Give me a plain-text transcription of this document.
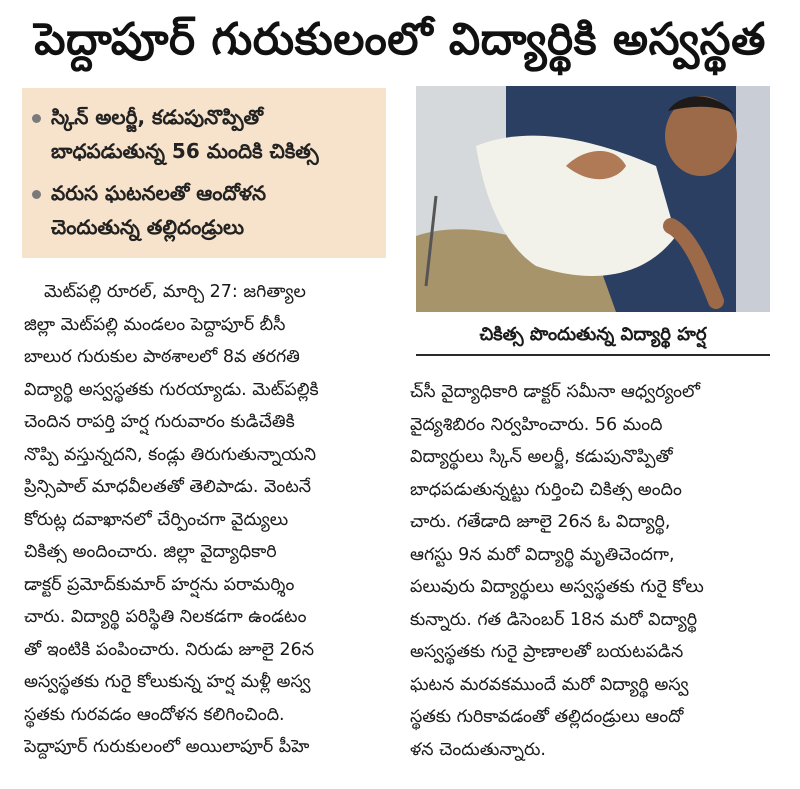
పెద్దాపూర్ గురుకులంలో విద్యార్థికి అస్వస్థత
స్కిన్ అలర్జీ, కడుపునొప్పితో
బాధపడుతున్న 56 మందికి చికిత్స
వరుస ఘటనలతో ఆందోళన
చెందుతున్న తల్లిదండ్రులు
చికిత్స పొందుతున్న విద్యార్థి హర్ష
మెట్‌పల్లి రూరల్, మార్చి 27: జగిత్యాల
జిల్లా మెట్‌పల్లి మండలం పెద్దాపూర్ బీసీ
బాలుర గురుకుల పాఠశాలలో 8వ తరగతి
విద్యార్థి అస్వస్థతకు గురయ్యాడు. మెట్‌పల్లికి
చెందిన రాపర్తి హర్ష గురువారం కుడిచేతికి
నొప్పి వస్తున్నదని, కండ్లు తిరుగుతున్నాయని
ప్రిన్సిపాల్ మాధవీలతతో తెలిపాడు. వెంటనే
కోరుట్ల దవాఖానలో చేర్పించగా వైద్యులు
చికిత్స అందించారు. జిల్లా వైద్యాధికారి
డాక్టర్ ప్రమోద్‌కుమార్ హర్షను పరామర్శిం
చారు. విద్యార్థి పరిస్థితి నిలకడగా ఉండటం
తో ఇంటికి పంపించారు. నిరుడు జూలై 26న
అస్వస్థతకు గురై కోలుకున్న హర్ష మళ్లీ అస్వ
స్థతకు గురవడం ఆందోళన కలిగించింది.
పెద్దాపూర్ గురుకులంలో అయిలాపూర్ పీహె
చ్‌సీ వైద్యాధికారి డాక్టర్ సమీనా ఆధ్వర్యంలో
వైద్యశిబిరం నిర్వహించారు. 56 మంది
విద్యార్థులు స్కిన్ అలర్జీ, కడుపునొప్పితో
బాధపడుతున్నట్టు గుర్తించి చికిత్స అందిం
చారు. గతేడాది జూలై 26న ఓ విద్యార్థి,
ఆగస్టు 9న మరో విద్యార్థి మృతిచెందగా,
పలువురు విద్యార్థులు అస్వస్థతకు గురై కోలు
కున్నారు. గత డిసెంబర్ 18న మరో విద్యార్థి
అస్వస్థతకు గురై ప్రాణాలతో బయటపడిన
ఘటన మరవకముందే మరో విద్యార్థి అస్వ
స్థతకు గురికావడంతో తల్లిదండ్రులు ఆందో
ళన చెందుతున్నారు.
